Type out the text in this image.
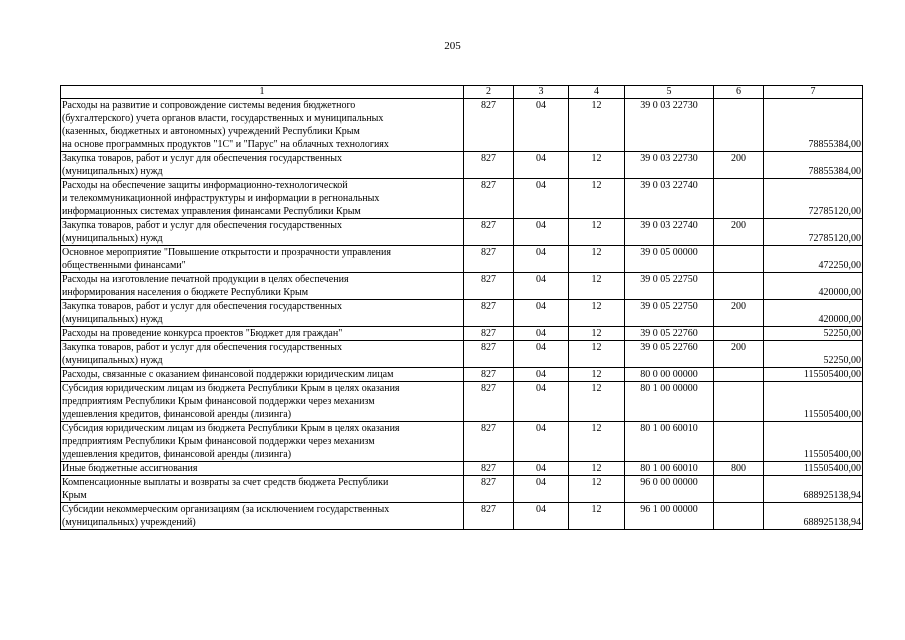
205
1	2	3	4	5	6	7
Расходы на развитие и сопровождение системы ведения бюджетного
(бухгалтерского) учета органов власти, государственных и муниципальных
(казенных, бюджетных и автономных) учреждений Республики Крым
на основе программных продуктов "1С" и "Парус" на облачных технологиях	827	04	12	39 0 03 22730		78855384,00
Закупка товаров, работ и услуг для обеспечения государственных
(муниципальных) нужд	827	04	12	39 0 03 22730	200	78855384,00
Расходы на обеспечение защиты информационно-технологической
и телекоммуникационной инфраструктуры и информации в регнональных
информационных системах управления финансами Республики Крым	827	04	12	39 0 03 22740		72785120,00
Закупка товаров, работ и услуг для обеспечения государственных
(муниципальных) нужд	827	04	12	39 0 03 22740	200	72785120,00
Основное мероприятие "Повышение открытости и прозрачности управления
общественными финансами"	827	04	12	39 0 05 00000		472250,00
Расходы на изготовление печатной продукции в целях обеспечения
информирования населения о бюджете Республики Крым	827	04	12	39 0 05 22750		420000,00
Закупка товаров, работ и услуг для обеспечения государственных
(муниципальных) нужд	827	04	12	39 0 05 22750	200	420000,00
Расходы на проведение конкурса проектов "Бюджет для граждан"	827	04	12	39 0 05 22760		52250,00
Закупка товаров, работ и услуг для обеспечения государственных
(муниципальных) нужд	827	04	12	39 0 05 22760	200	52250,00
Расходы, связанные с оказанием финансовой поддержки юридическим лицам	827	04	12	80 0 00 00000		115505400,00
Субсидия юридическим лицам из бюджета Республики Крым в целях оказания
предприятиям Республики Крым финансовой поддержки через механизм
удешевления кредитов, финансовой аренды (лизинга)	827	04	12	80 1 00 00000		115505400,00
Субсидия юридическим лицам из бюджета Республики Крым в целях оказания
предприятиям Республики Крым финансовой поддержки через механизм
удешевления кредитов, финансовой аренды (лизинга)	827	04	12	80 1 00 60010		115505400,00
Иные бюджетные ассигнования	827	04	12	80 1 00 60010	800	115505400,00
Компенсационные выплаты и возвраты за счет средств бюджета Республики
Крым	827	04	12	96 0 00 00000		688925138,94
Субсидии некоммерческим организациям (за исключением государственных
(муниципальных) учреждений)	827	04	12	96 1 00 00000		688925138,94
